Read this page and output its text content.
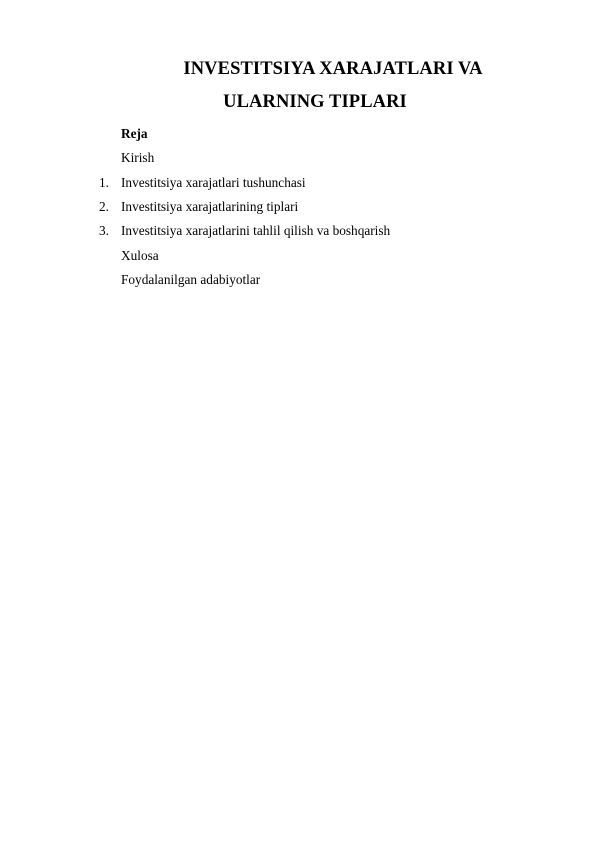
INVESTITSIYA XARAJATLARI VA
ULARNING TIPLARI

Reja

Kirish

1. Investitsiya xarajatlari tushunchasi
2. Investitsiya xarajatlarining tiplari
3. Investitsiya xarajatlarini tahlil qilish va boshqarish

Xulosa

Foydalanilgan adabiyotlar
